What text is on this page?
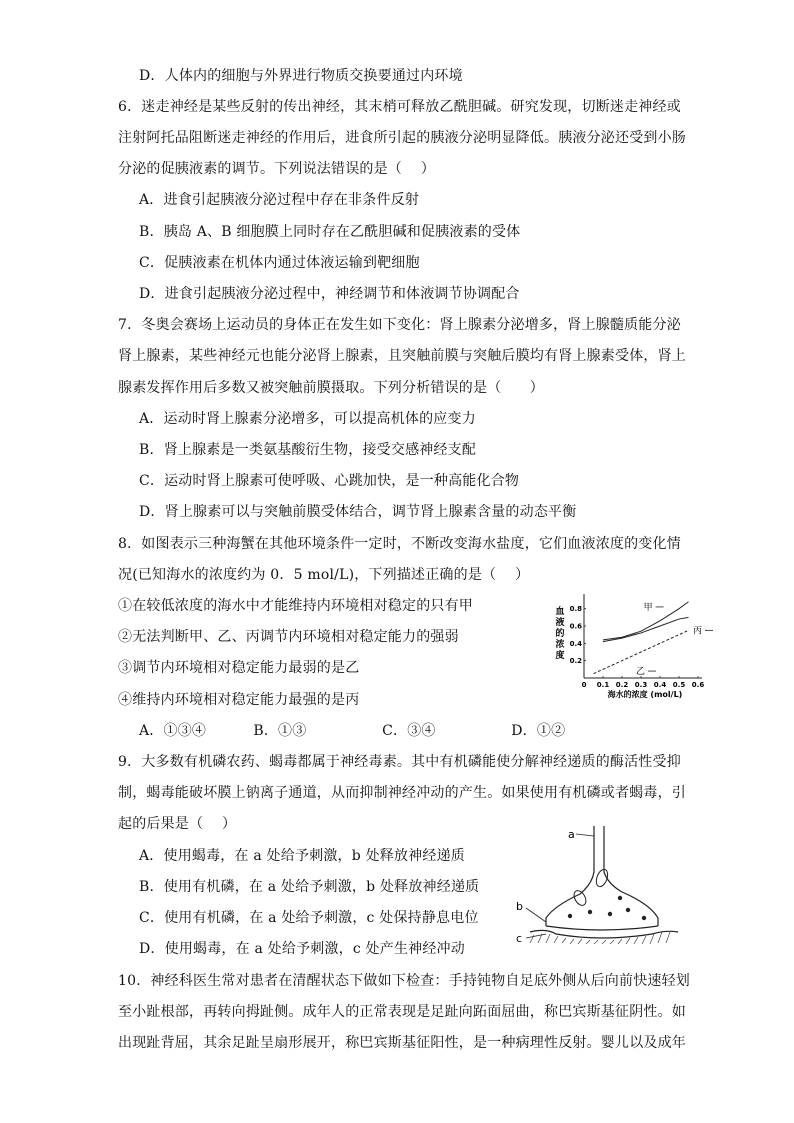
D．人体内的细胞与外界进行物质交换要通过内环境
6．迷走神经是某些反射的传出神经，其末梢可释放乙酰胆碱。研究发现，切断迷走神经或
注射阿托品阻断迷走神经的作用后，进食所引起的胰液分泌明显降低。胰液分泌还受到小肠
分泌的促胰液素的调节。下列说法错误的是（　 ）
A．进食引起胰液分泌过程中存在非条件反射
B．胰岛 A、B 细胞膜上同时存在乙酰胆碱和促胰液素的受体
C．促胰液素在机体内通过体液运输到靶细胞
D．进食引起胰液分泌过程中，神经调节和体液调节协调配合
7．冬奥会赛场上运动员的身体正在发生如下变化：肾上腺素分泌增多，肾上腺髓质能分泌
肾上腺素，某些神经元也能分泌肾上腺素，且突触前膜与突触后膜均有肾上腺素受体，肾上
腺素发挥作用后多数又被突触前膜摄取。下列分析错误的是（　　）
A．运动时肾上腺素分泌增多，可以提高机体的应变力
B．肾上腺素是一类氨基酸衍生物，接受交感神经支配
C．运动时肾上腺素可使呼吸、心跳加快，是一种高能化合物
D．肾上腺素可以与突触前膜受体结合，调节肾上腺素含量的动态平衡
8．如图表示三种海蟹在其他环境条件一定时，不断改变海水盐度，它们血液浓度的变化情
况(已知海水的浓度约为 0．5 mol/L)，下列描述正确的是（　 ）
①在较低浓度的海水中才能维持内环境相对稳定的只有甲
②无法判断甲、乙、丙调节内环境相对稳定能力的强弱
③调节内环境相对稳定能力最弱的是乙
④维持内环境相对稳定能力最强的是丙
A．①③④　　　 B．①③　　　　　 C．③④　　　　　 D．①②
0 0.1 0.2 0.3 0.4 0.5 0.6
0.2
0.4
0.6
0.8
海水的浓度 (mol/L)
血
液
的
浓
度
甲
乙
丙
9．大多数有机磷农药、蝎毒都属于神经毒素。其中有机磷能使分解神经递质的酶活性受抑
制，蝎毒能破坏膜上钠离子通道，从而抑制神经冲动的产生。如果使用有机磷或者蝎毒，引
起的后果是（　 ）
A．使用蝎毒，在 a 处给予刺激，b 处释放神经递质
B．使用有机磷，在 a 处给予刺激，b 处释放神经递质
C．使用有机磷，在 a 处给予刺激，c 处保持静息电位
D．使用蝎毒，在 a 处给予刺激，c 处产生神经冲动
a
b
c
10．神经科医生常对患者在清醒状态下做如下检查：手持钝物自足底外侧从后向前快速轻划
至小趾根部，再转向拇趾侧。成年人的正常表现是足趾向跖面屈曲，称巴宾斯基征阴性。如
出现趾背屈，其余足趾呈扇形展开，称巴宾斯基征阳性，是一种病理性反射。婴儿以及成年
